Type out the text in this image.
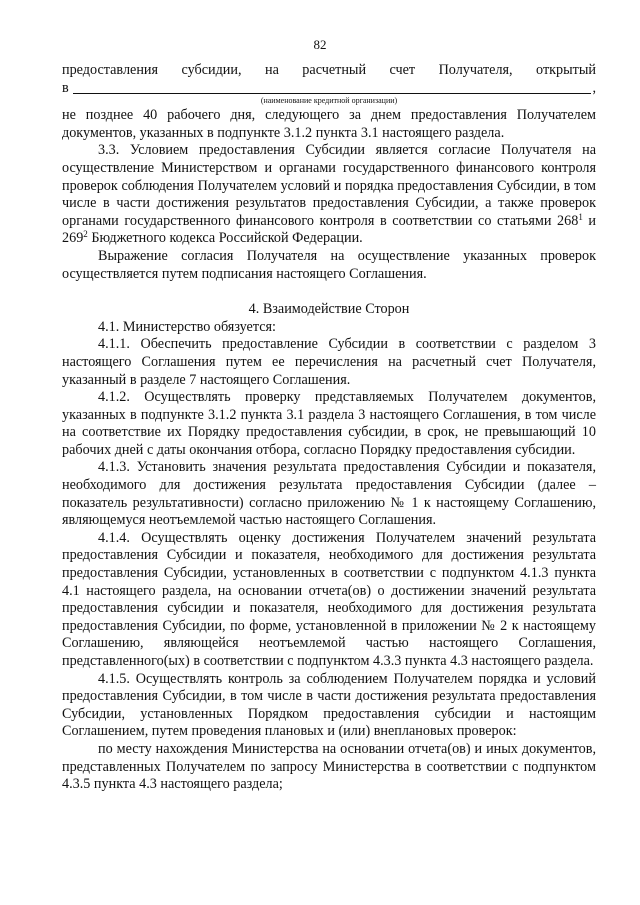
82

предоставления субсидии, на расчетный счет Получателя, открытый

в	,
(наименование кредитной организации)

не позднее 40 рабочего дня, следующего за днем предоставления Получателем документов, указанных в подпункте 3.1.2 пункта 3.1 настоящего раздела.

3.3. Условием предоставления Субсидии является согласие Получателя на осуществление Министерством и органами государственного финансового контроля проверок соблюдения Получателем условий и порядка предоставления Субсидии, в том числе в части достижения результатов предоставления Субсидии, а также проверок органами государственного финансового контроля в соответствии со статьями $268^1$ и $269^2$ Бюджетного кодекса Российской Федерации.

Выражение согласия Получателя на осуществление указанных проверок осуществляется путем подписания настоящего Соглашения.

4. Взаимодействие Сторон

4.1. Министерство обязуется:

4.1.1. Обеспечить предоставление Субсидии в соответствии с разделом 3 настоящего Соглашения путем ее перечисления на расчетный счет Получателя, указанный в разделе 7 настоящего Соглашения.

4.1.2. Осуществлять проверку представляемых Получателем документов, указанных в подпункте 3.1.2 пункта 3.1 раздела 3 настоящего Соглашения, в том числе на соответствие их Порядку предоставления субсидии, в срок, не превышающий 10 рабочих дней с даты окончания отбора, согласно Порядку предоставления субсидии.

4.1.3. Установить значения результата предоставления Субсидии и показателя, необходимого для достижения результата предоставления Субсидии (далее – показатель результативности) согласно приложению № 1 к настоящему Соглашению, являющемуся неотъемлемой частью настоящего Соглашения.

4.1.4. Осуществлять оценку достижения Получателем значений результата предоставления Субсидии и показателя, необходимого для достижения результата предоставления Субсидии, установленных в соответствии с подпунктом 4.1.3 пункта 4.1 настоящего раздела, на основании отчета(ов) о достижении значений результата предоставления субсидии и показателя, необходимого для достижения результата предоставления Субсидии, по форме, установленной в приложении № 2 к настоящему Соглашению, являющейся неотъемлемой частью настоящего Соглашения, представленного(ых) в соответствии с подпунктом 4.3.3 пункта 4.3 настоящего раздела.

4.1.5. Осуществлять контроль за соблюдением Получателем порядка и условий предоставления Субсидии, в том числе в части достижения результата предоставления Субсидии, установленных Порядком предоставления субсидии и настоящим Соглашением, путем проведения плановых и (или) внеплановых проверок:

по месту нахождения Министерства на основании отчета(ов) и иных документов, представленных Получателем по запросу Министерства в соответствии с подпунктом 4.3.5 пункта 4.3 настоящего раздела;
